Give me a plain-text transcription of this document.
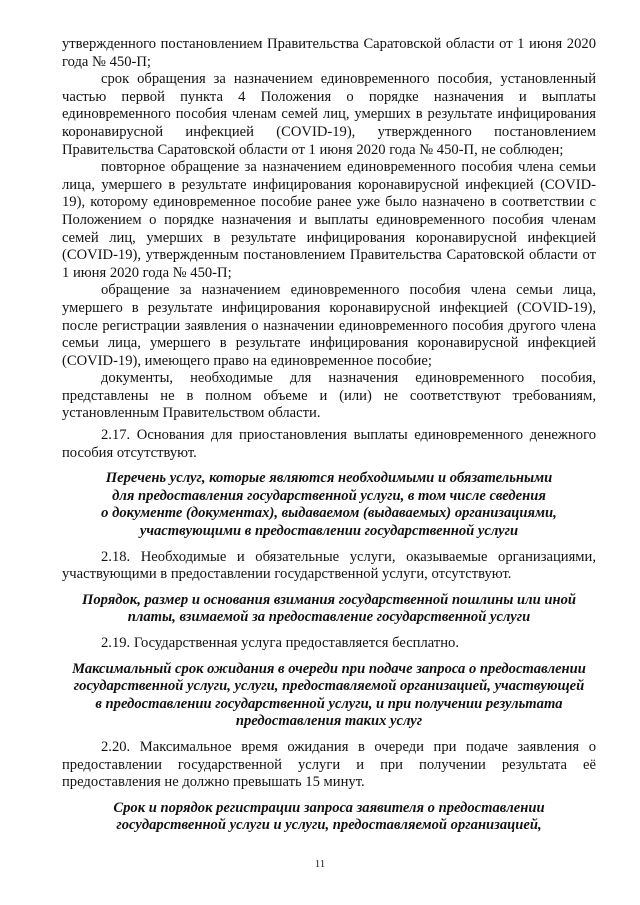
утвержденного постановлением Правительства Саратовской области от 1 июня 2020 года № 450-П;

срок обращения за назначением единовременного пособия, установленный частью первой пункта 4 Положения о порядке назначения и выплаты единовременного пособия членам семей лиц, умерших в результате инфицирования коронавирусной инфекцией (COVID-19), утвержденного постановлением Правительства Саратовской области от 1 июня 2020 года № 450-П, не соблюден;

повторное обращение за назначением единовременного пособия члена семьи лица, умершего в результате инфицирования коронавирусной инфекцией (COVID-19), которому единовременное пособие ранее уже было назначено в соответствии с Положением о порядке назначения и выплаты единовременного пособия членам семей лиц, умерших в результате инфицирования коронавирусной инфекцией (COVID-19), утвержденным постановлением Правительства Саратовской области от 1 июня 2020 года № 450-П;

обращение за назначением единовременного пособия члена семьи лица, умершего в результате инфицирования коронавирусной инфекцией (COVID-19), после регистрации заявления о назначении единовременного пособия другого члена семьи лица, умершего в результате инфицирования коронавирусной инфекцией (COVID-19), имеющего право на единовременное пособие;

документы, необходимые для назначения единовременного пособия, представлены не в полном объеме и (или) не соответствуют требованиям, установленным Правительством области.

2.17. Основания для приостановления выплаты единовременного денежного пособия отсутствуют.

Перечень услуг, которые являются необходимыми и обязательными
для предоставления государственной услуги, в том числе сведения
о документе (документах), выдаваемом (выдаваемых) организациями,
участвующими в предоставлении государственной услуги

2.18. Необходимые и обязательные услуги, оказываемые организациями, участвующими в предоставлении государственной услуги, отсутствуют.

Порядок, размер и основания взимания государственной пошлины или иной
платы, взимаемой за предоставление государственной услуги

2.19. Государственная услуга предоставляется бесплатно.

Максимальный срок ожидания в очереди при подаче запроса о предоставлении
государственной услуги, услуги, предоставляемой организацией, участвующей
в предоставлении государственной услуги, и при получении результата
предоставления таких услуг

2.20. Максимальное время ожидания в очереди при подаче заявления о предоставлении государственной услуги и при получении результата её предоставления не должно превышать 15 минут.

Срок и порядок регистрации запроса заявителя о предоставлении
государственной услуги и услуги, предоставляемой организацией,
11
